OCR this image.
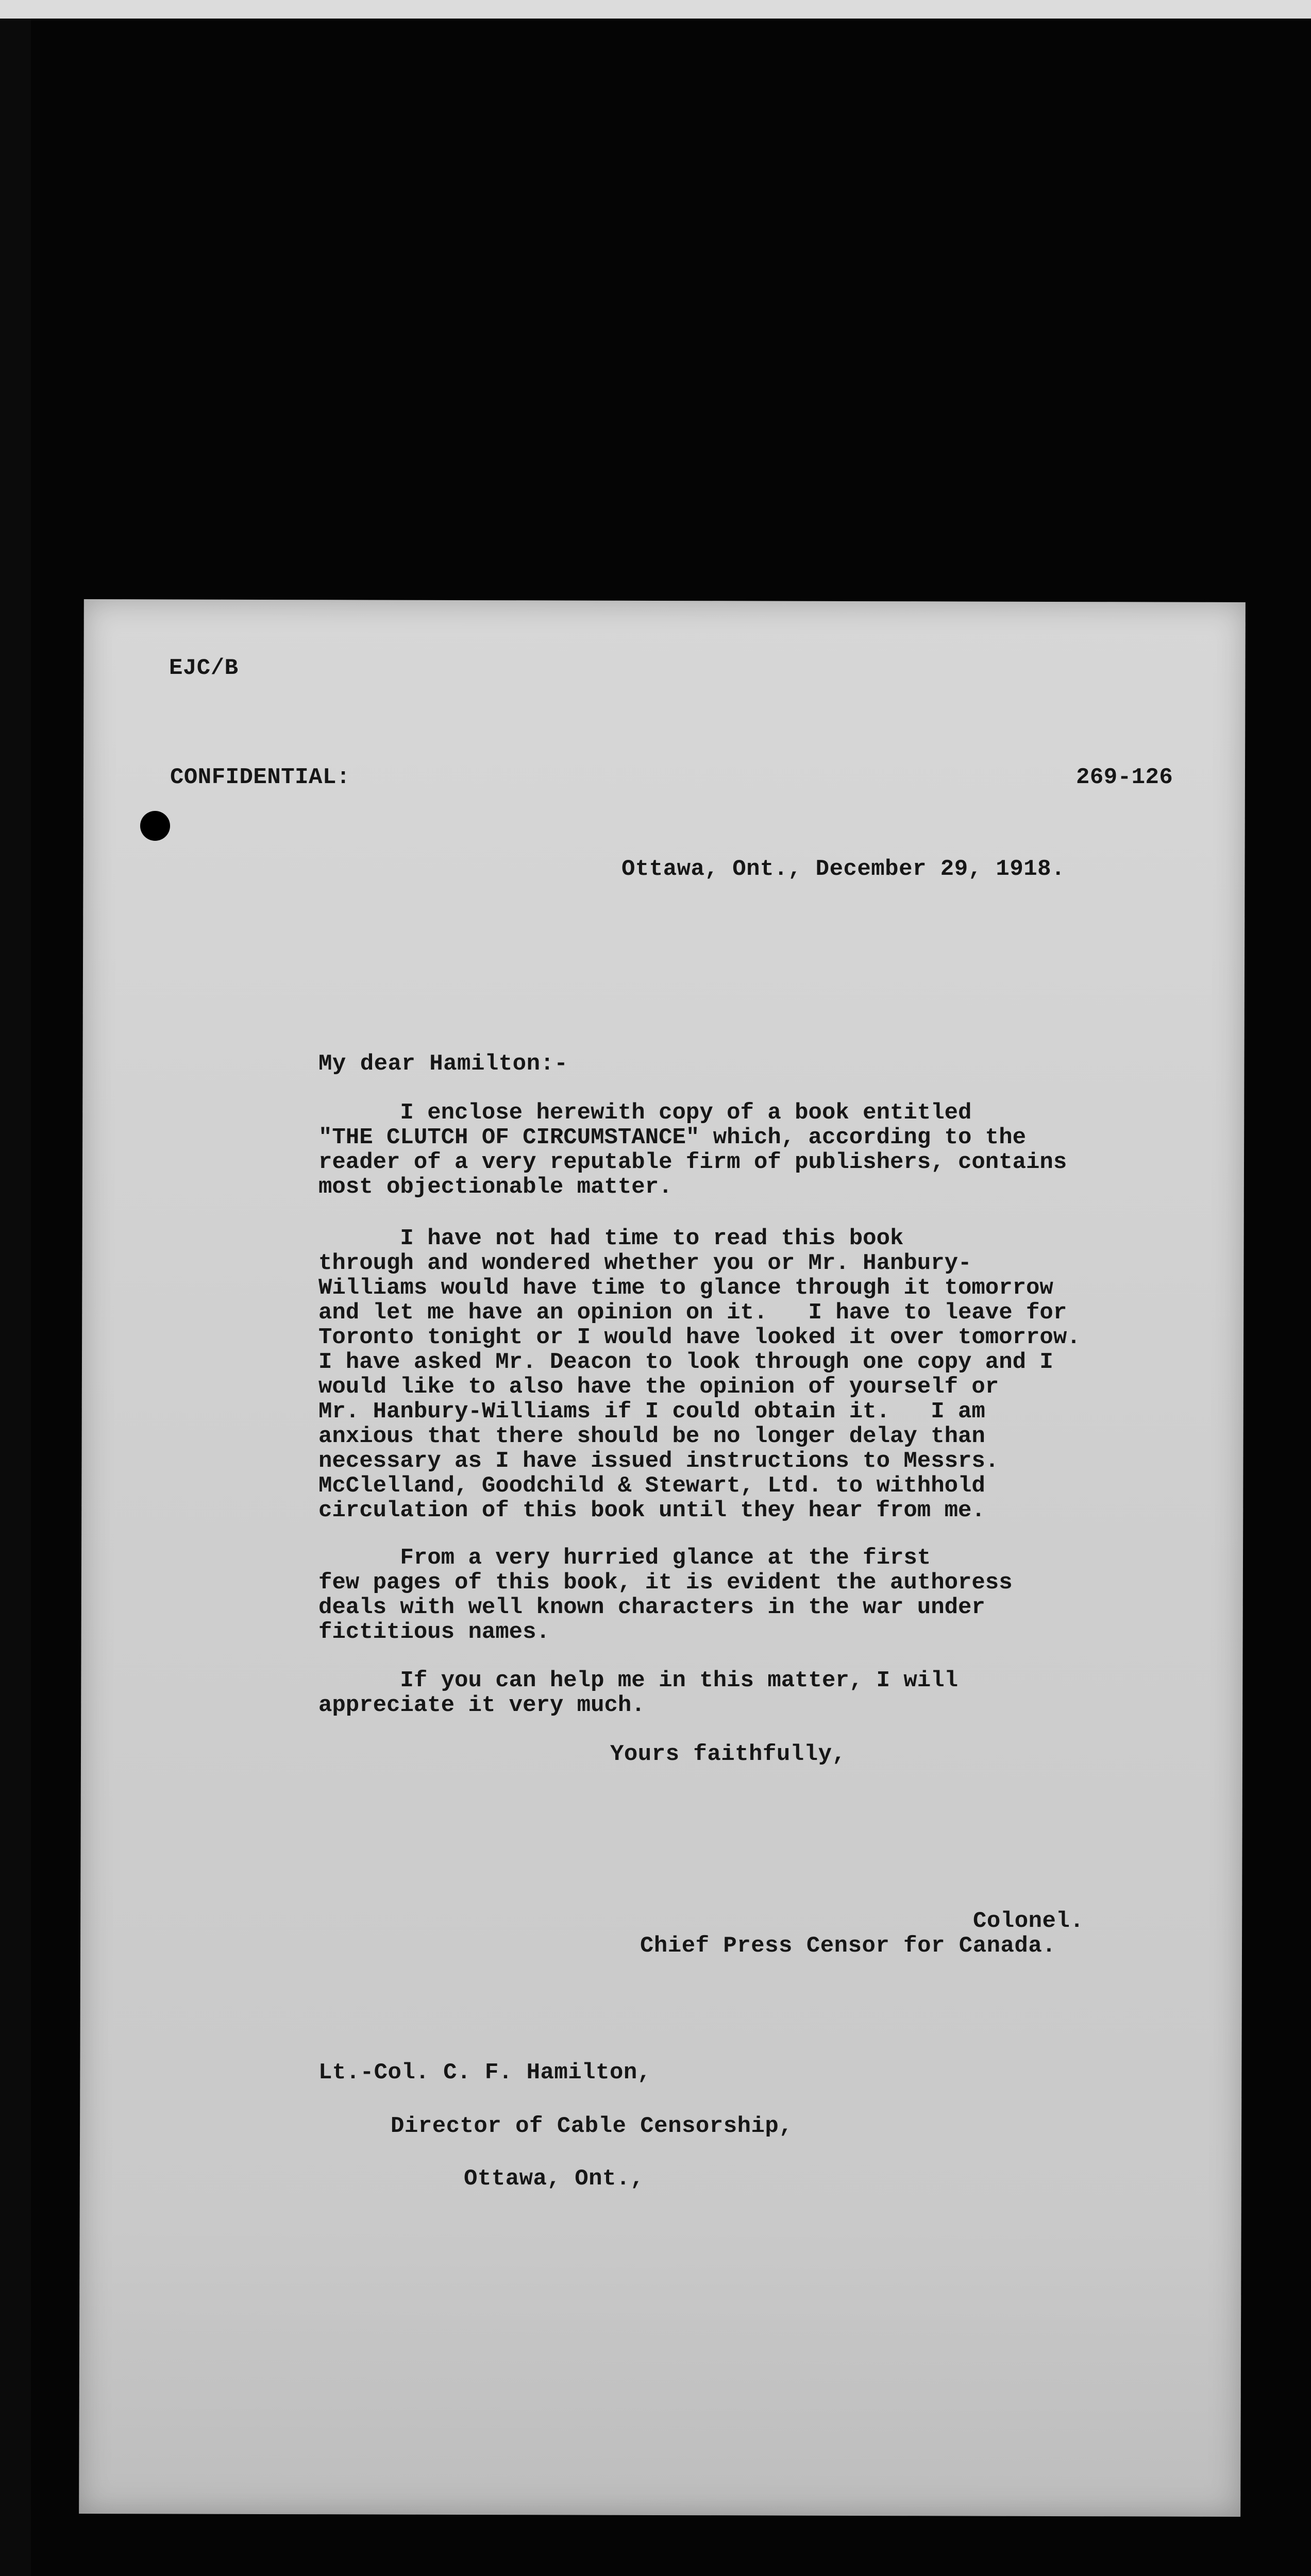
EJC/B
CONFIDENTIAL:	269-126
Ottawa, Ont., December 29, 1918.
My dear Hamilton:-
I enclose herewith copy of a book entitled
"THE CLUTCH OF CIRCUMSTANCE" which, according to the
reader of a very reputable firm of publishers, contains
most objectionable matter.
I have not had time to read this book
through and wondered whether you or Mr. Hanbury-
Williams would have time to glance through it tomorrow
and let me have an opinion on it.   I have to leave for
Toronto tonight or I would have looked it over tomorrow.
I have asked Mr. Deacon to look through one copy and I
would like to also have the opinion of yourself or
Mr. Hanbury-Williams if I could obtain it.   I am
anxious that there should be no longer delay than
necessary as I have issued instructions to Messrs.
McClelland, Goodchild & Stewart, Ltd. to withhold
circulation of this book until they hear from me.
From a very hurried glance at the first
few pages of this book, it is evident the authoress
deals with well known characters in the war under
fictitious names.
If you can help me in this matter, I will
appreciate it very much.
Yours faithfully,
Colonel.
Chief Press Censor for Canada.
Lt.-Col. C. F. Hamilton,
Director of Cable Censorship,
Ottawa, Ont.,
